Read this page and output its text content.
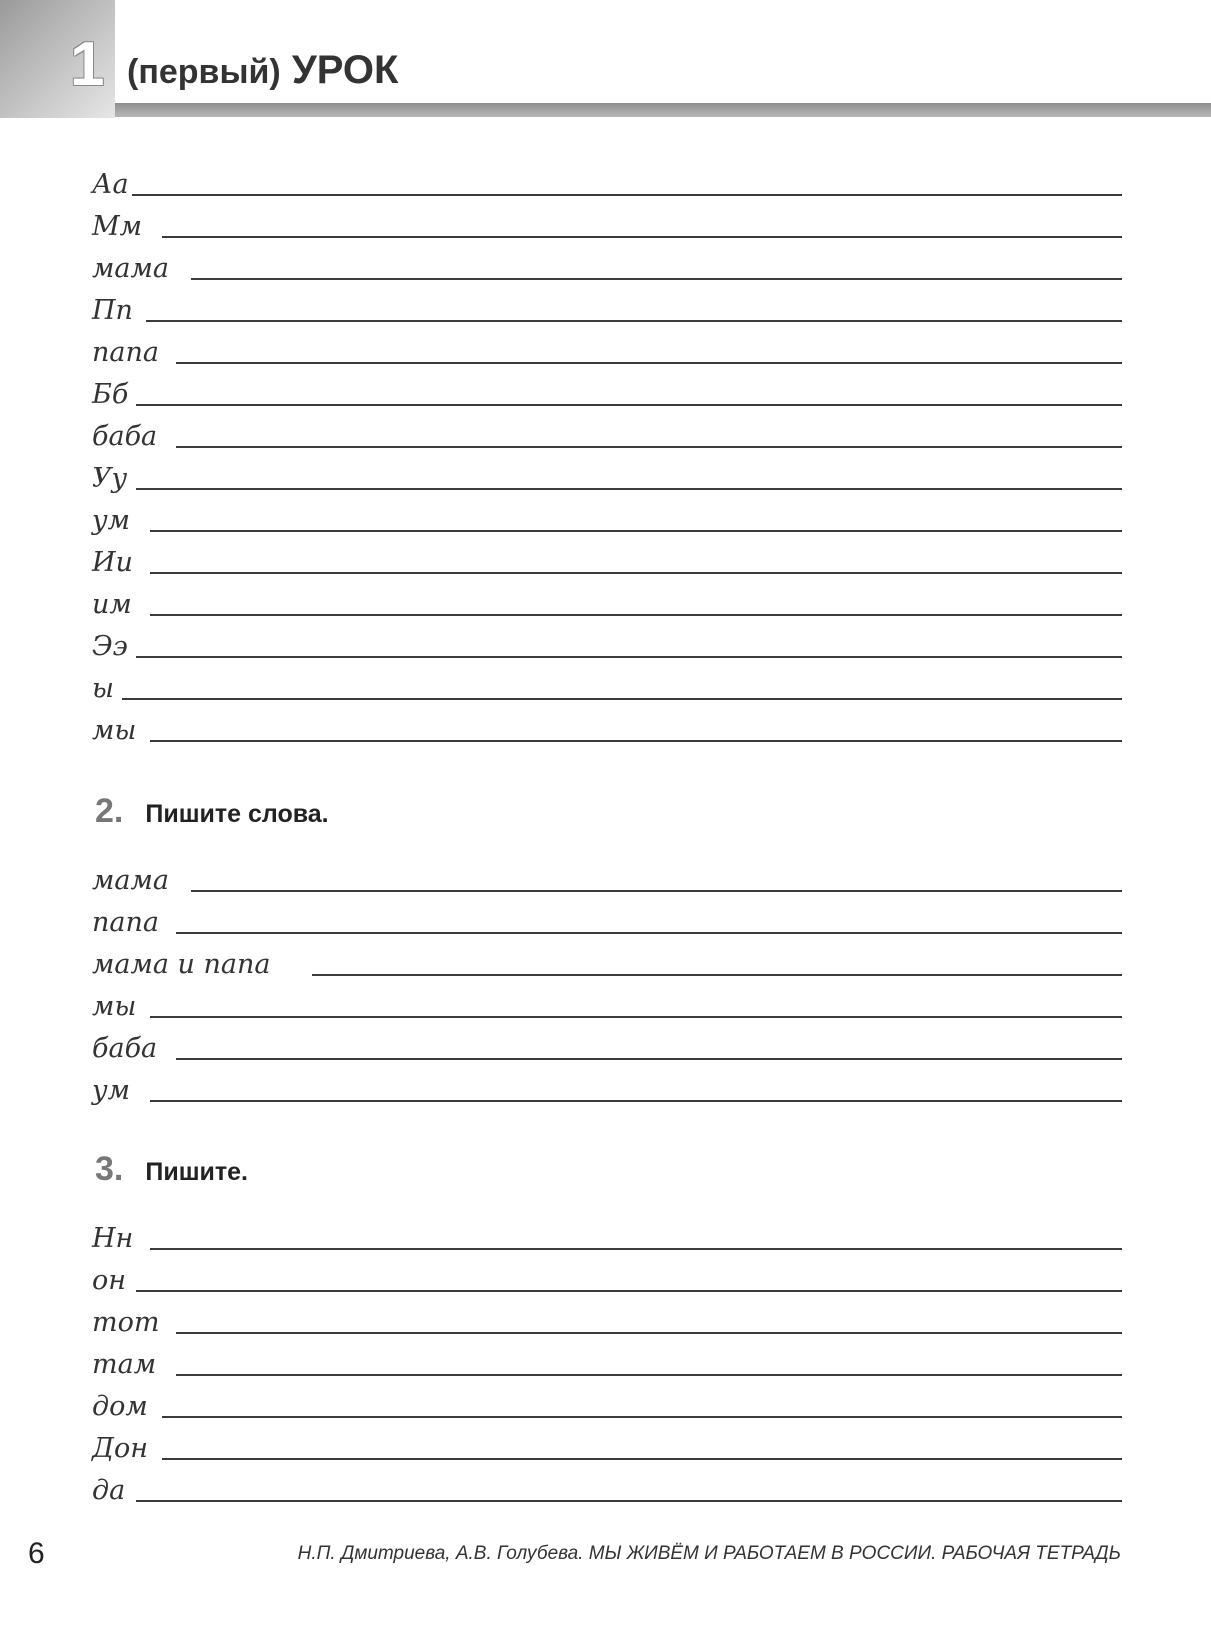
1 (первый) УРОК
Аа
Мм
мама
Пп
папа
Бб
баба
Уу
ум
Ии
им
Ээ
ы
мы
2. Пишите слова.
мама
папа
мама и папа
мы
баба
ум
3. Пишите.
Нн
он
тот
там
дом
Дон
да
6	Н.П. Дмитриева, А.В. Голубева. МЫ ЖИВЁМ И РАБОТАЕМ В РОССИИ. РАБОЧАЯ ТЕТРАДЬ
